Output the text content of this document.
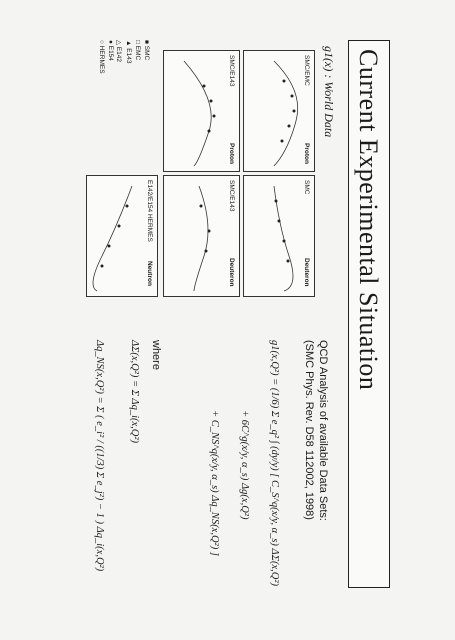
Current Experimental Situation
g1(x) : World Data
SMC/EMC
Proton
SMC
Deuteron
SMC/E143
Proton
SMC/E143
Deuteron
E142/E154 HERMES
Neutron
■ SMC
□ EMC
▲ E143
△ E142
● E154
○ HERMES
QCD Analysis of available Data Sets:
(SMC Phys. Rev. D58 112002, 1998)
g1(x,Q²) = (1/6) Σ e_q² ∫ (dy/y) [ C_S^q(x/y, α_s) ΔΣ(x,Q²)
+ 6C^g(x/y, α_s) Δg(x,Q²)
+ C_NS^q(x/y, α_s) Δq_NS(x,Q²) ]
where
ΔΣ(x,Q²) = Σ Δq_i(x,Q²)
Δq_NS(x,Q²) = Σ ( e_i² / ((1/3) Σ e_j²) − 1 ) Δq_i(x,Q²)
